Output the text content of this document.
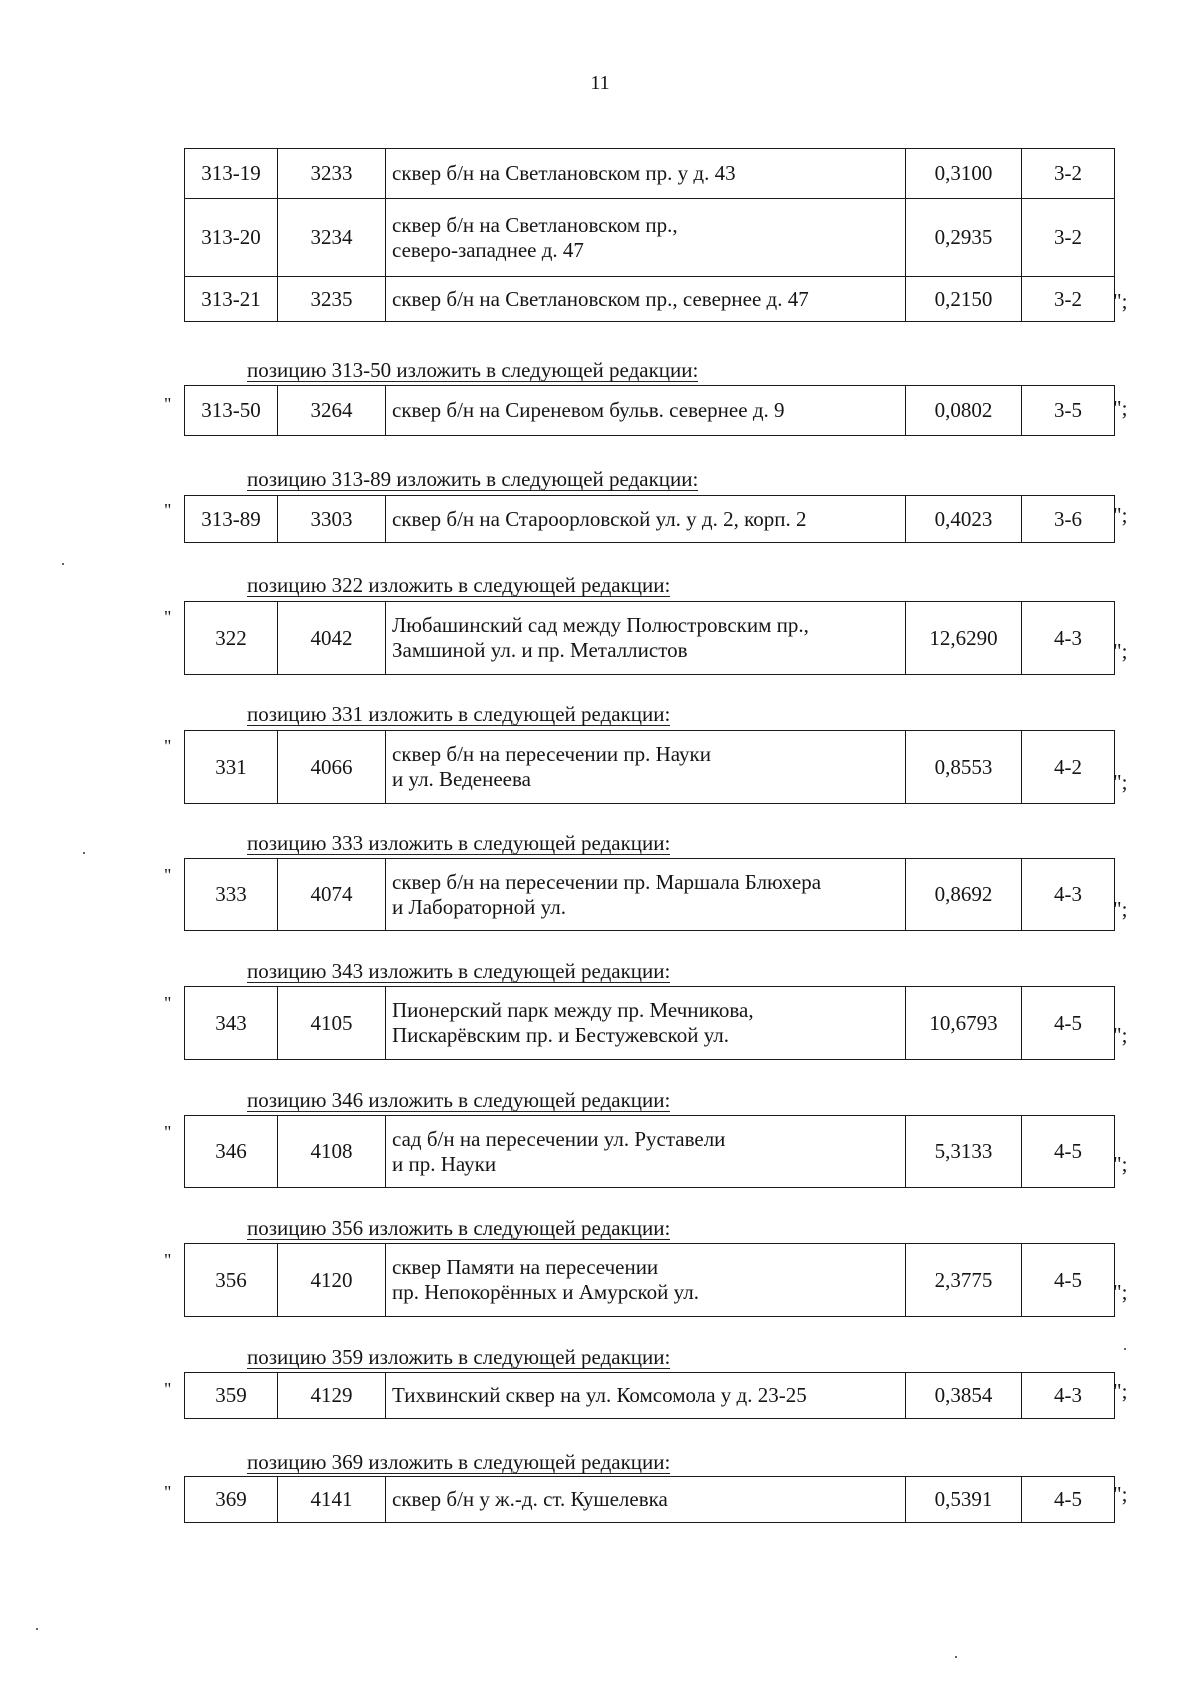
11
313-19	3233	сквер б/н на Светлановском пр. у д. 43	0,3100	3-2
313-20	3234	сквер б/н на Светлановском пр.,
северо-западнее д. 47	0,2935	3-2
313-21	3235	сквер б/н на Светлановском пр., севернее д. 47	0,2150	3-2 ";
позицию 313-50 изложить в следующей редакции:
" 313-50	3264	сквер б/н на Сиреневом бульв. севернее д. 9	0,0802	3-5 ";
позицию 313-89 изложить в следующей редакции:
" 313-89	3303	сквер б/н на Староорловской ул. у д. 2, корп. 2	0,4023	3-6 ";
позицию 322 изложить в следующей редакции:
"
322	4042	Любашинский сад между Полюстровским пр.,
Замшиной ул. и пр. Металлистов	12,6290	4-3
";
позицию 331 изложить в следующей редакции:
"
331	4066	сквер б/н на пересечении пр. Науки
и ул. Веденеева	0,8553	4-2
";
позицию 333 изложить в следующей редакции:
"
333	4074	сквер б/н на пересечении пр. Маршала Блюхера
и Лабораторной ул.	0,8692	4-3
";
позицию 343 изложить в следующей редакции:
"
343	4105	Пионерский парк между пр. Мечникова,
Пискарёвским пр. и Бестужевской ул.	10,6793	4-5
";
позицию 346 изложить в следующей редакции:
"
346	4108	сад б/н на пересечении ул. Руставели
и пр. Науки	5,3133	4-5
";
позицию 356 изложить в следующей редакции:
"
356	4120	сквер Памяти на пересечении
пр. Непокорённых и Амурской ул.	2,3775	4-5
";
позицию 359 изложить в следующей редакции:
" 359	4129	Тихвинский сквер на ул. Комсомола у д. 23-25	0,3854	4-3 ";
позицию 369 изложить в следующей редакции:
" 369	4141	сквер б/н у ж.-д. ст. Кушелевка	0,5391	4-5 ";
